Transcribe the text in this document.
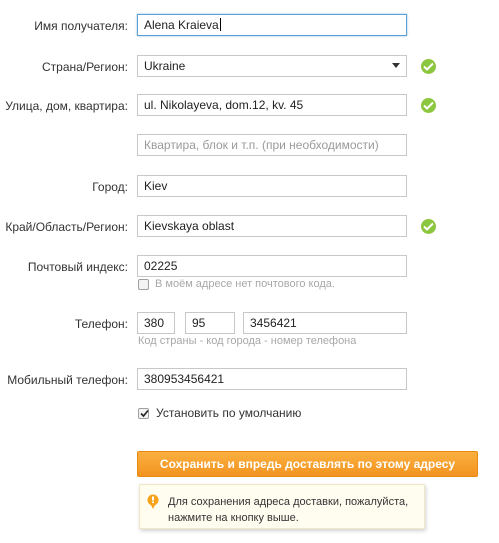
Имя получателя:	Alena Kraieva
Страна/Регион:	Ukraine
Улица, дом, квартира:	ul. Nikolayeva, dom.12, kv. 45
Квартира, блок и т.п. (при необходимости)
Город:	Kiev
Край/Область/Регион:	Kievskaya oblast
Почтовый индекс:	02225
В моём адресе нет почтового кода.
Телефон:	380	95	3456421
Код страны - код города - номер телефона
Мобильный телефон:	380953456421
Установить по умолчанию
Сохранить и впредь доставлять по этому адресу
Для сохранения адреса доставки, пожалуйста,
нажмите на кнопку выше.
